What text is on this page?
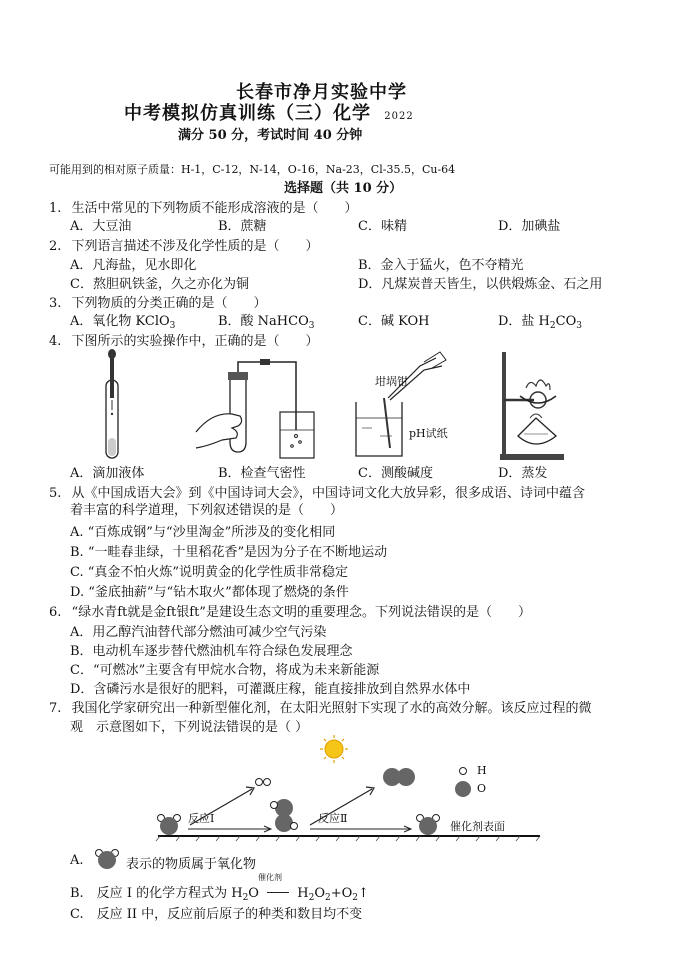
长春市净月实验中学
中考模拟仿真训练（三）化学 2022
满分 50 分，考试时间 40 分钟
可能用到的相对原子质量：H-1，C-12，N-14，O-16，Na-23，Cl-35.5，Cu-64
选择题（共 10 分）
1. 生活中常见的下列物质不能形成溶液的是（　　）
A．大豆油	B．蔗糖	C．味精	D．加碘盐
2. 下列语言描述不涉及化学性质的是（　　）
A．凡海盐，见水即化	B．金入于猛火，色不夺精光
C．熬胆矾铁釜，久之亦化为铜	D．凡煤炭普天皆生，以供煅炼金、石之用
3. 下列物质的分类正确的是（　　）
A．氧化物 KClO$_3$	B．酸 NaHCO$_3$	C．碱 KOH	D．盐 $H_2CO_3$
4. 下图所示的实验操作中，正确的是（　　）
坩埚钳
pH试纸
A．滴加液体	B．检查气密性	C．测酸碱度	D．蒸发
5. 从《中国成语大会》到《中国诗词大会》，中国诗词文化大放异彩，很多成语、诗词中蕴含
着丰富的科学道理，下列叙述错误的是（　　）
A. “百炼成钢”与“沙里淘金”所涉及的变化相同
B. “一畦春韭绿，十里稻花香”是因为分子在不断地运动
C. “真金不怕火炼”说明黄金的化学性质非常稳定
D. “釜底抽薪”与“钻木取火”都体现了燃烧的条件
6. “绿水青ft就是金ft银ft”是建设生态文明的重要理念。下列说法错误的是（　　）
A．用乙醇汽油替代部分燃油可减少空气污染
B．电动机车逐步替代燃油机车符合绿色发展理念
C．“可燃冰”主要含有甲烷水合物，将成为未来新能源
D．含磷污水是很好的肥料，可灌溉庄稼，能直接排放到自然界水体中
7. 我国化学家研究出一种新型催化剂，在太阳光照射下实现了水的高效分解。该反应过程的微
观　示意图如下，下列说法错误的是（ ）
反应Ⅰ	反应Ⅱ
催化剂表面
H
O
A.	表示的物质属于氧化物
催化剂
B.　反应 I 的化学方程式为 $H_2O$	$H_2O_2+O_2↑$
C.　反应 II 中，反应前后原子的种类和数目均不变
